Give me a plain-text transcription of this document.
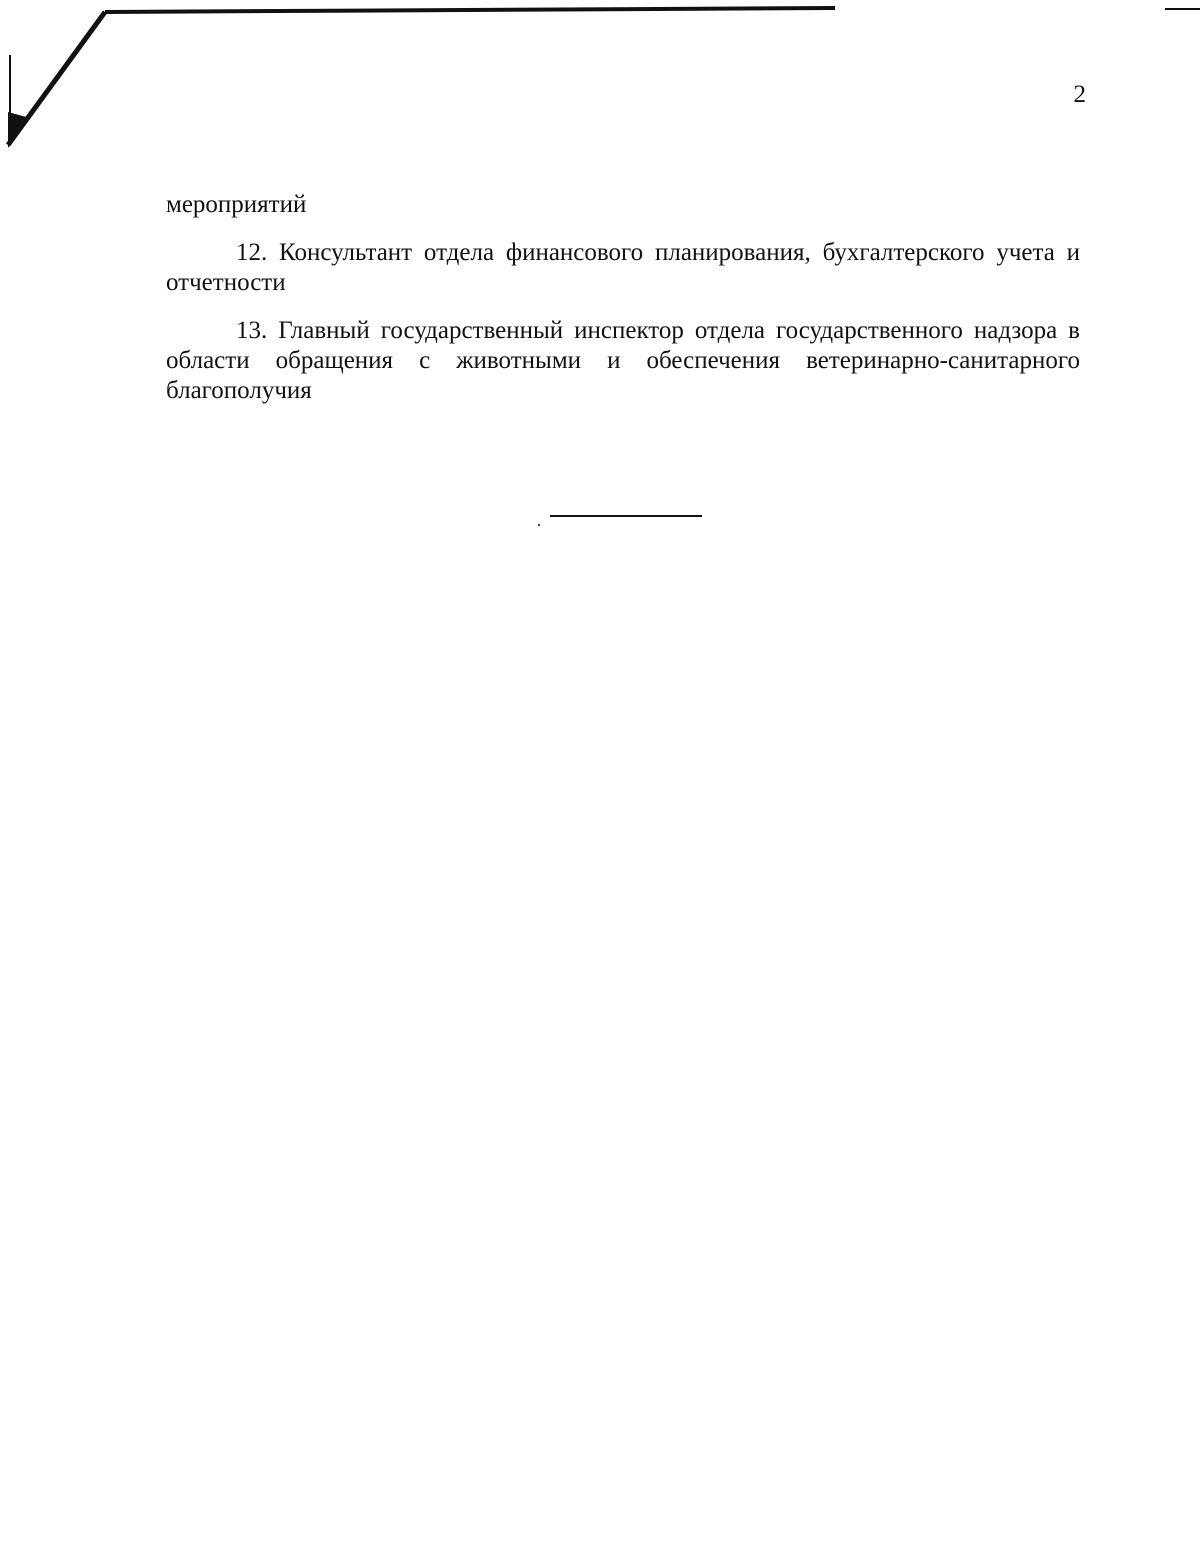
2

мероприятий

12. Консультант отдела финансового планирования, бухгалтерского учета и отчетности

13. Главный государственный инспектор отдела государственного надзора в области обращения с животными и обеспечения ветеринарно-санитарного благополучия
